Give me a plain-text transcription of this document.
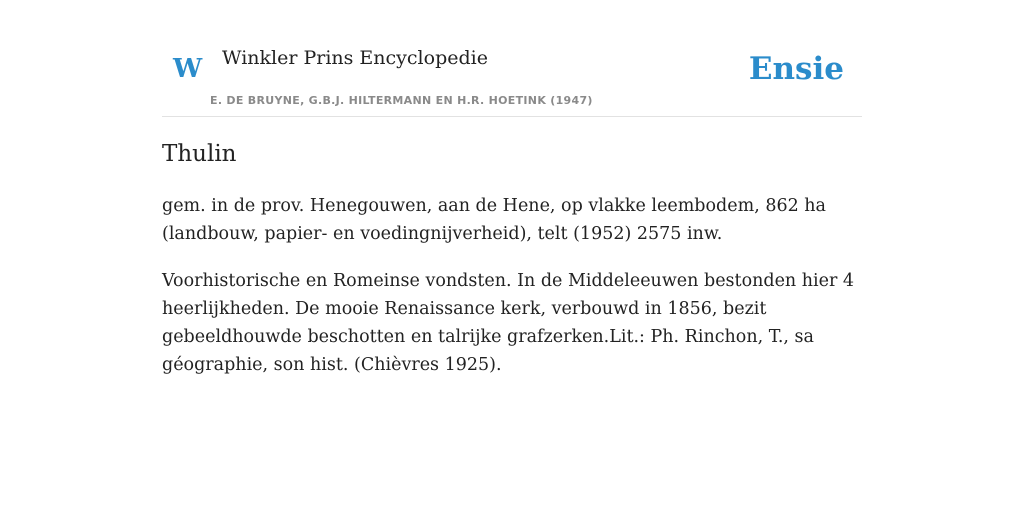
W Winkler Prins Encyclopedie
E. DE BRUYNE, G.B.J. HILTERMANN EN H.R. HOETINK (1947)
Ensie
Thulin

gem. in de prov. Henegouwen, aan de Hene, op vlakke leembodem, 862 ha (landbouw, papier- en voedingnijverheid), telt (1952) 2575 inw.

Voorhistorische en Romeinse vondsten. In de Middeleeuwen bestonden hier 4 heerlijkheden. De mooie Renaissance kerk, verbouwd in 1856, bezit gebeeldhouwde beschotten en talrijke grafzerken.Lit.: Ph. Rinchon, T., sa géographie, son hist. (Chièvres 1925).
